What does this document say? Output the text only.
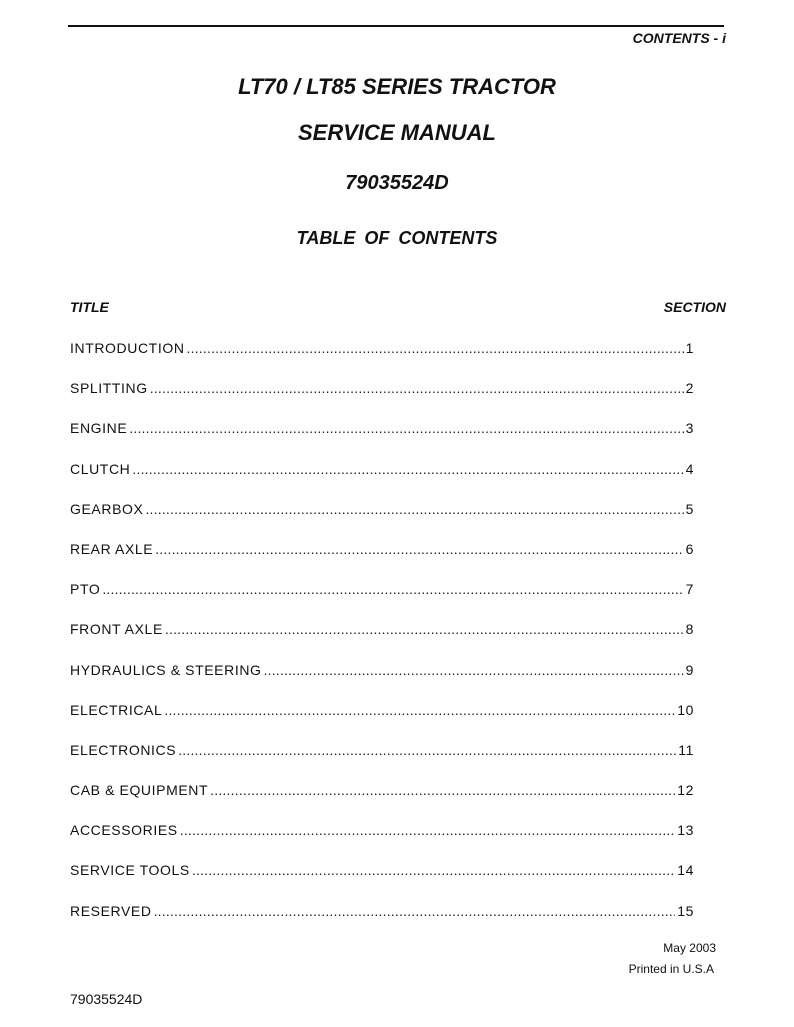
CONTENTS - i
LT70 / LT85 SERIES TRACTOR
SERVICE MANUAL
79035524D
TABLE OF CONTENTS
TITLE	SECTION
INTRODUCTION .....	1
SPLITTING .....	2
ENGINE .....	3
CLUTCH .....	4
GEARBOX .....	5
REAR AXLE .....	6
PTO .....	7
FRONT AXLE .....	8
HYDRAULICS & STEERING .....	9
ELECTRICAL .....	10
ELECTRONICS .....	11
CAB & EQUIPMENT .....	12
ACCESSORIES .....	13
SERVICE TOOLS .....	14
RESERVED .....	15
May 2003
Printed in U.S.A
79035524D
